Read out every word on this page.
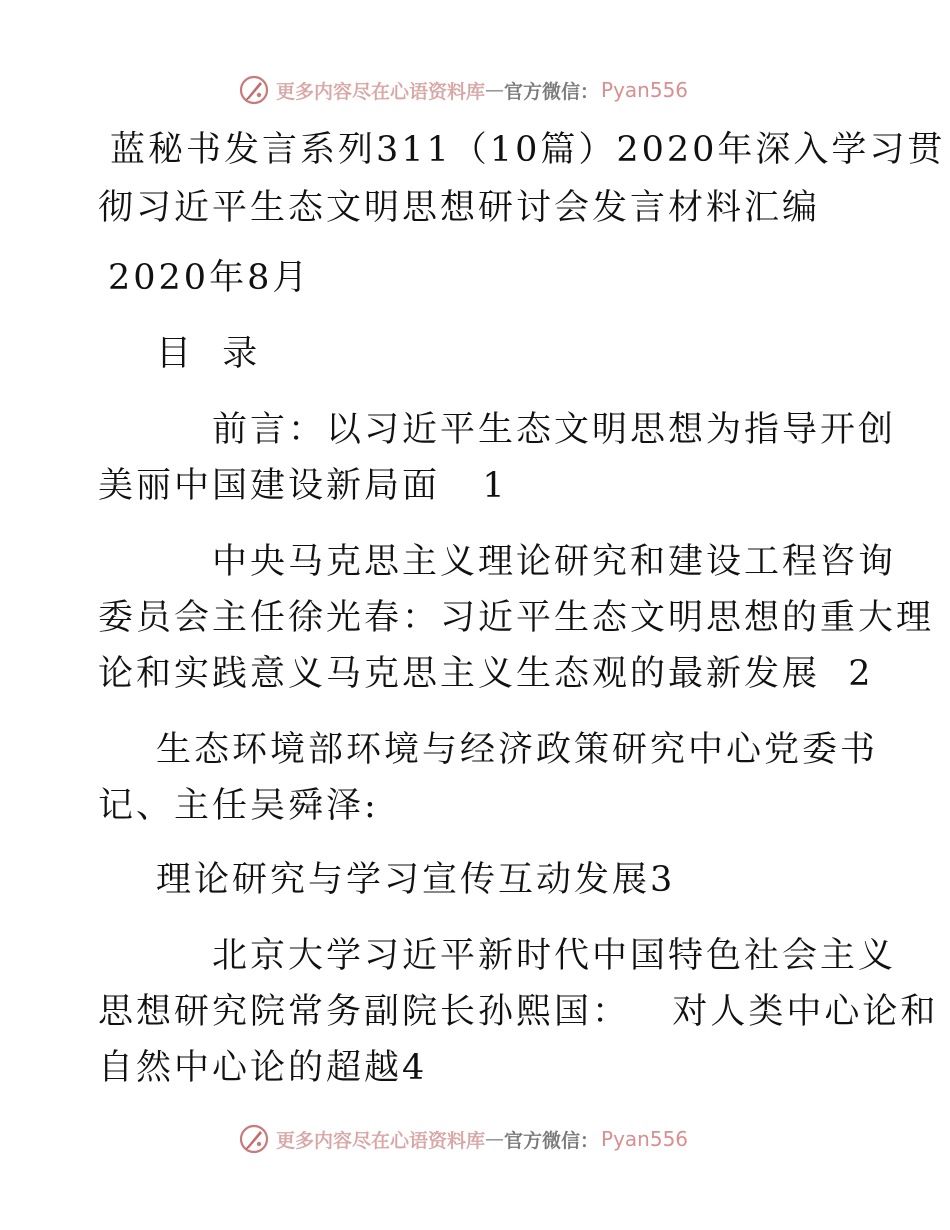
更多内容尽在心语资料库 — 官方微信： Pyan556
蓝秘书发言系列311（10篇）2020年深入学习贯
彻习近平生态文明思想研讨会发言材料汇编
2020年8月
目  录
前言：以习近平生态文明思想为指导开创
美丽中国建设新局面   1
中央马克思主义理论研究和建设工程咨询
委员会主任徐光春：习近平生态文明思想的重大理
论和实践意义马克思主义生态观的最新发展  2
生态环境部环境与经济政策研究中心党委书
记、主任吴舜泽:
理论研究与学习宣传互动发展3
北京大学习近平新时代中国特色社会主义
思想研究院常务副院长孙熙国：   对人类中心论和
自然中心论的超越4
更多内容尽在心语资料库 — 官方微信： Pyan556
